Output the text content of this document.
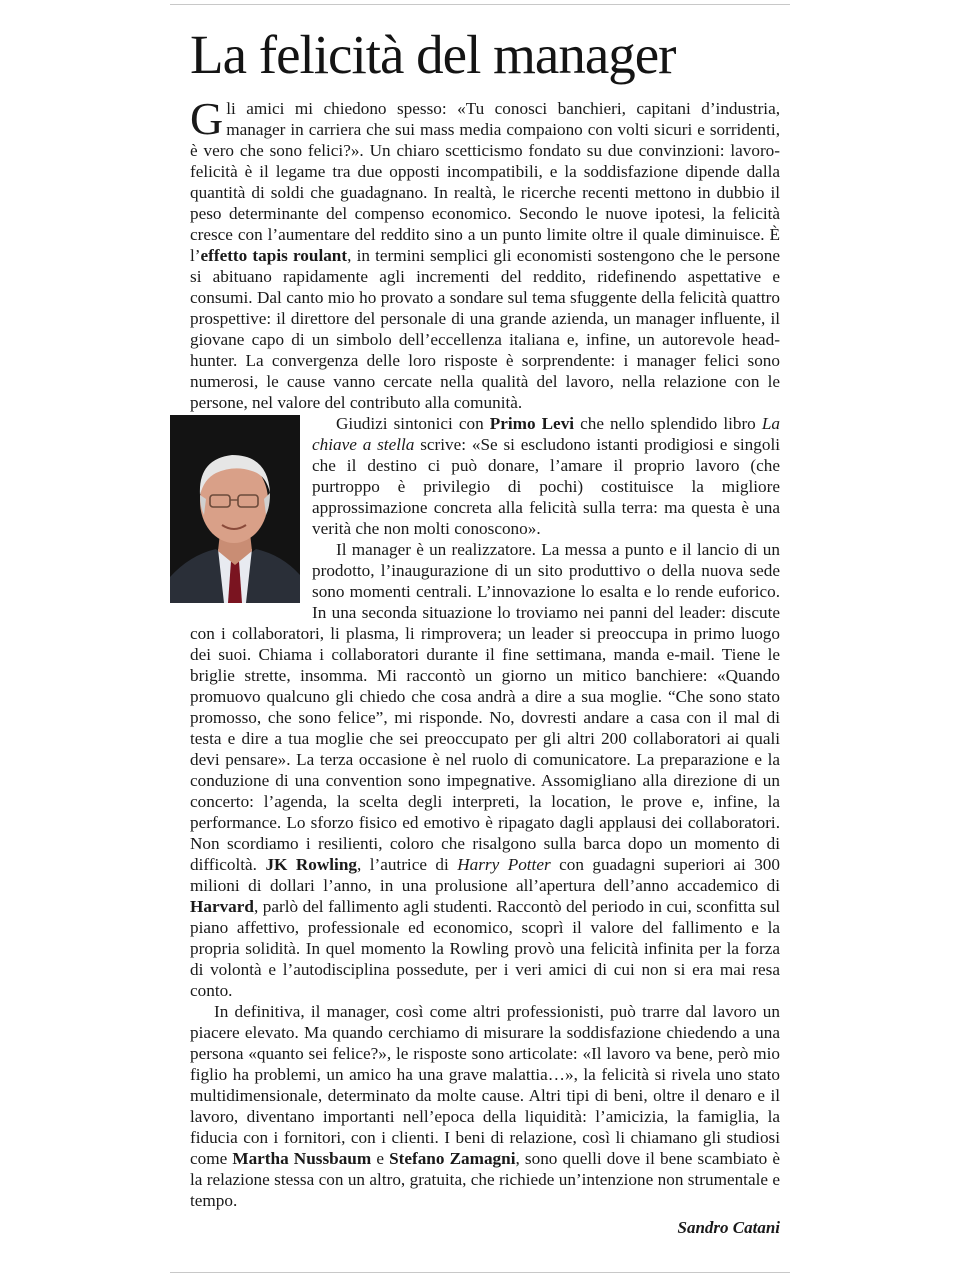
La felicità del manager

Gli amici mi chiedono spesso: «Tu conosci banchieri, capitani d’industria, manager in carriera che sui mass media compaiono con volti sicuri e sorridenti, è vero che sono felici?». Un chiaro scetticismo fondato su due convinzioni: lavoro-felicità è il legame tra due opposti incompatibili, e la soddisfazione dipende dalla quantità di soldi che guadagnano. In realtà, le ricerche recenti mettono in dubbio il peso determinante del compenso economico. Secondo le nuove ipotesi, la felicità cresce con l’aumentare del reddito sino a un punto limite oltre il quale diminuisce. È l’effetto tapis roulant, in termini semplici gli economisti sostengono che le persone si abituano rapidamente agli incrementi del reddito, ridefinendo aspettative e consumi. Dal canto mio ho provato a sondare sul tema sfuggente della felicità quattro prospettive: il direttore del personale di una grande azienda, un manager influente, il giovane capo di un simbolo dell’eccellenza italiana e, infine, un autorevole head-hunter. La convergenza delle loro risposte è sorprendente: i manager felici sono numerosi, le cause vanno cercate nella qualità del lavoro, nella relazione con le persone, nel valore del contributo alla comunità.

Giudizi sintonici con Primo Levi che nello splendido libro La chiave a stella scrive: «Se si escludono istanti prodigiosi e singoli che il destino ci può donare, l’amare il proprio lavoro (che purtroppo è privilegio di pochi) costituisce la migliore approssimazione concreta alla felicità sulla terra: ma questa è una verità che non molti conoscono».

Il manager è un realizzatore. La messa a punto e il lancio di un prodotto, l’inaugurazione di un sito produttivo o della nuova sede sono momenti centrali. L’innovazione lo esalta e lo rende euforico. In una seconda situazione lo troviamo nei panni del leader: discute con i collaboratori, li plasma, li rimprovera; un leader si preoccupa in primo luogo dei suoi. Chiama i collaboratori durante il fine settimana, manda e-mail. Tiene le briglie strette, insomma. Mi raccontò un giorno un mitico banchiere: «Quando promuovo qualcuno gli chiedo che cosa andrà a dire a sua moglie. “Che sono stato promosso, che sono felice”, mi risponde. No, dovresti andare a casa con il mal di testa e dire a tua moglie che sei preoccupato per gli altri 200 collaboratori ai quali devi pensare». La terza occasione è nel ruolo di comunicatore. La preparazione e la conduzione di una convention sono impegnative. Assomigliano alla direzione di un concerto: l’agenda, la scelta degli interpreti, la location, le prove e, infine, la performance. Lo sforzo fisico ed emotivo è ripagato dagli applausi dei collaboratori. Non scordiamo i resilienti, coloro che risalgono sulla barca dopo un momento di difficoltà. JK Rowling, l’autrice di Harry Potter con guadagni superiori ai 300 milioni di dollari l’anno, in una prolusione all’apertura dell’anno accademico di Harvard, parlò del fallimento agli studenti. Raccontò del periodo in cui, sconfitta sul piano affettivo, professionale ed economico, scoprì il valore del fallimento e la propria solidità. In quel momento la Rowling provò una felicità infinita per la forza di volontà e l’autodisciplina possedute, per i veri amici di cui non si era mai resa conto.

In definitiva, il manager, così come altri professionisti, può trarre dal lavoro un piacere elevato. Ma quando cerchiamo di misurare la soddisfazione chiedendo a una persona «quanto sei felice?», le risposte sono articolate: «Il lavoro va bene, però mio figlio ha problemi, un amico ha una grave malattia…», la felicità si rivela uno stato multidimensionale, determinato da molte cause. Altri tipi di beni, oltre il denaro e il lavoro, diventano importanti nell’epoca della liquidità: l’amicizia, la famiglia, la fiducia con i fornitori, con i clienti. I beni di relazione, così li chiamano gli studiosi come Martha Nussbaum e Stefano Zamagni, sono quelli dove il bene scambiato è la relazione stessa con un altro, gratuita, che richiede un’intenzione non strumentale e tempo.

Sandro Catani
